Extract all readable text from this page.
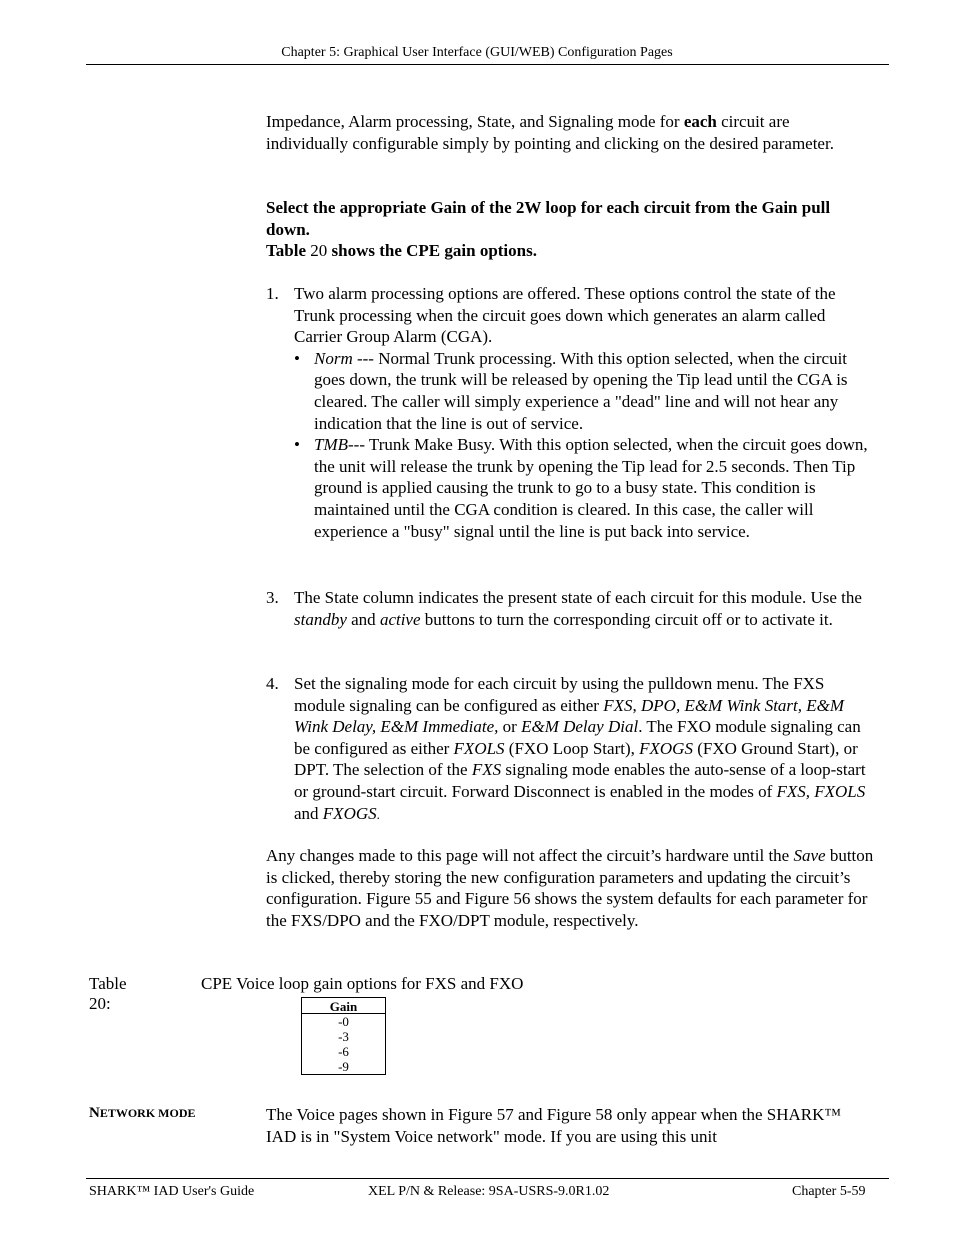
Chapter 5: Graphical User Interface (GUI/WEB) Configuration Pages

Impedance, Alarm processing, State, and Signaling mode for each circuit are individually configurable simply by pointing and clicking on the desired parameter.

Select the appropriate Gain of the 2W loop for each circuit from the Gain pull down.

Table 20 shows the CPE gain options.

1. Two alarm processing options are offered. These options control the state of the Trunk processing when the circuit goes down which generates an alarm called Carrier Group Alarm (CGA).

• Norm --- Normal Trunk processing. With this option selected, when the circuit goes down, the trunk will be released by opening the Tip lead until the CGA is cleared. The caller will simply experience a "dead" line and will not hear any indication that the line is out of service.
• TMB--- Trunk Make Busy. With this option selected, when the circuit goes down, the unit will release the trunk by opening the Tip lead for 2.5 seconds. Then Tip ground is applied causing the trunk to go to a busy state. This condition is maintained until the CGA condition is cleared. In this case, the caller will experience a "busy" signal until the line is put back into service.
3. The State column indicates the present state of each circuit for this module. Use the standby and active buttons to turn the corresponding circuit off or to activate it.

4. Set the signaling mode for each circuit by using the pulldown menu. The FXS module signaling can be configured as either FXS, DPO, E&M Wink Start, E&M Wink Delay, E&M Immediate, or E&M Delay Dial. The FXO module signaling can be configured as either FXOLS (FXO Loop Start), FXOGS (FXO Ground Start), or DPT. The selection of the FXS signaling mode enables the auto-sense of a loop-start or ground-start circuit. Forward Disconnect is enabled in the modes of FXS, FXOLS and FXOGS.

Any changes made to this page will not affect the circuit’s hardware until the Save button is clicked, thereby storing the new configuration parameters and updating the circuit’s configuration. Figure 55 and Figure 56 shows the system defaults for each parameter for the FXS/DPO and the FXO/DPT module, respectively.

Table 20:
CPE Voice loop gain options for FXS and FXO
Gain
-0
-3
-6
-9
NETWORK MODE	The Voice pages shown in Figure 57 and Figure 58 only appear when the SHARK™ IAD is in "System Voice network" mode. If you are using this unit

SHARK™ IAD User's Guide	XEL P/N & Release: 9SA-USRS-9.0R1.02	Chapter 5-59
